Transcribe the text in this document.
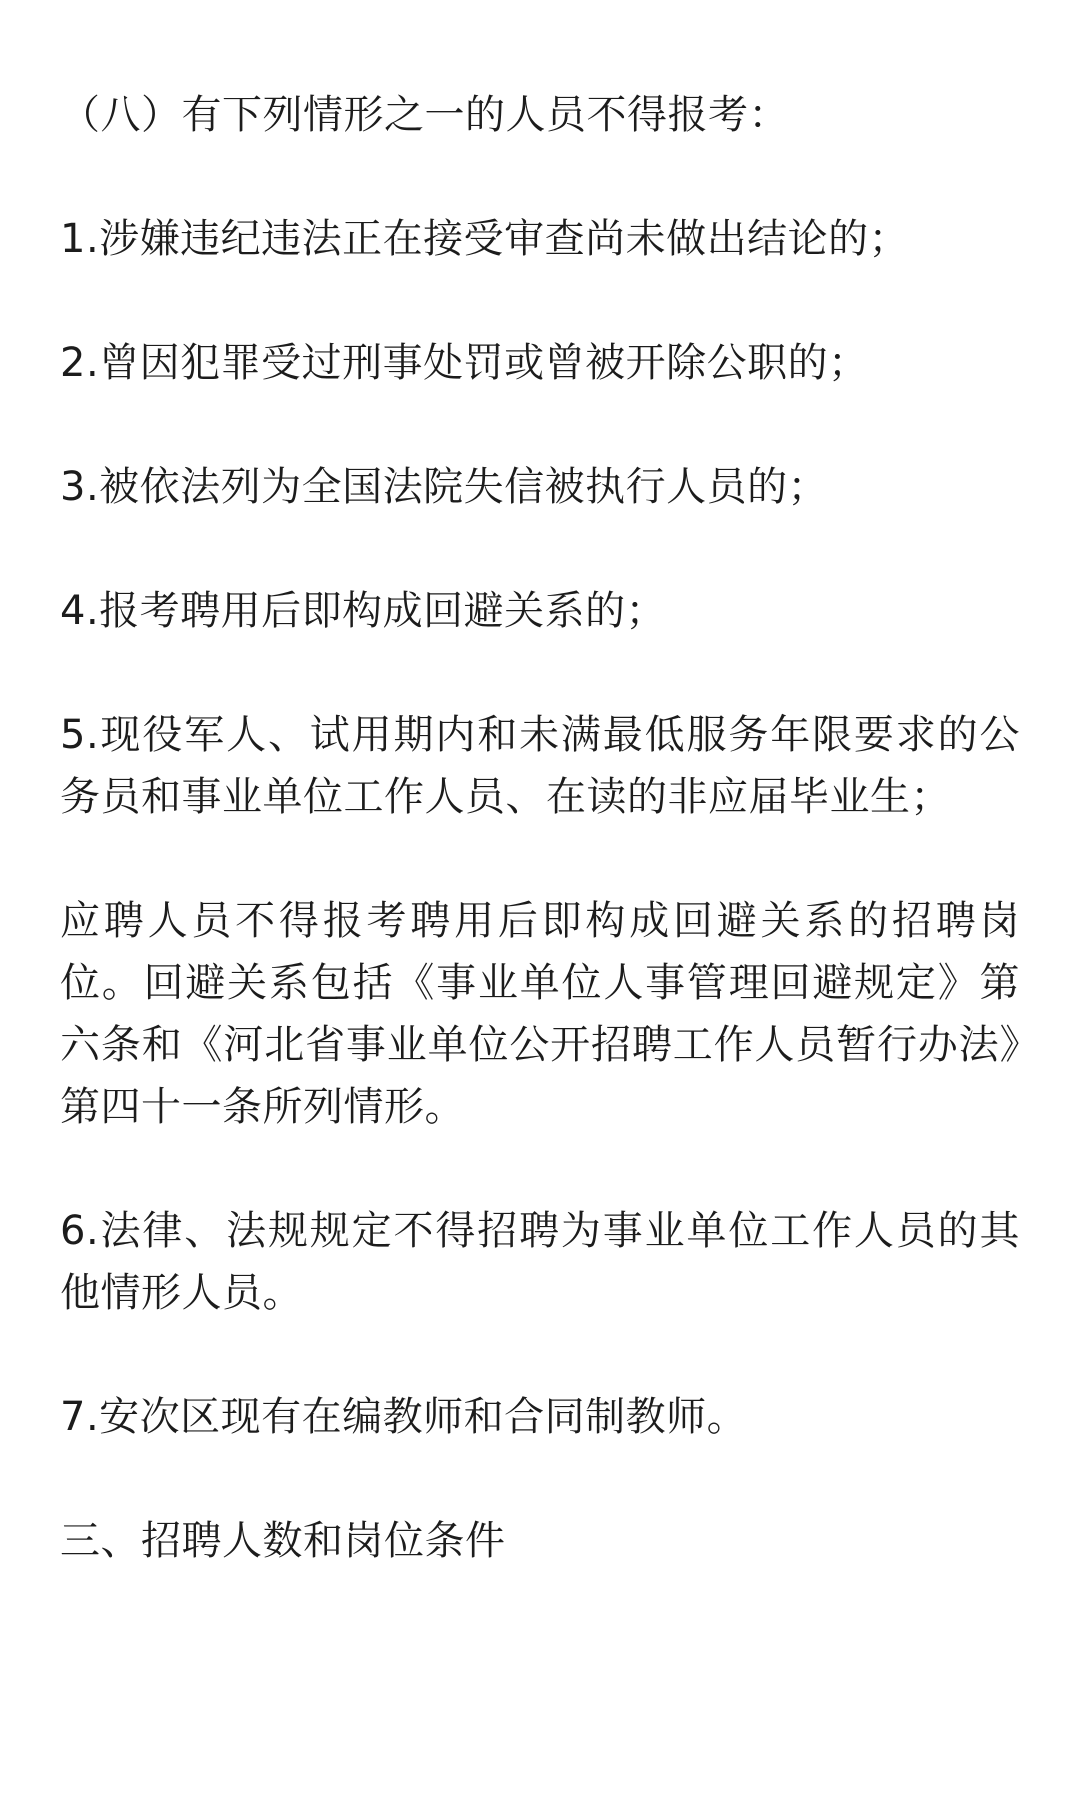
（八）有下列情形之一的人员不得报考：

1.涉嫌违纪违法正在接受审查尚未做出结论的；

2.曾因犯罪受过刑事处罚或曾被开除公职的；

3.被依法列为全国法院失信被执行人员的；

4.报考聘用后即构成回避关系的；

5.现役军人、试用期内和未满最低服务年限要求的公务员和事业单位工作人员、在读的非应届毕业生；

应聘人员不得报考聘用后即构成回避关系的招聘岗位。回避关系包括《事业单位人事管理回避规定》第六条和《河北省事业单位公开招聘工作人员暂行办法》第四十一条所列情形。

6.法律、法规规定不得招聘为事业单位工作人员的其他情形人员。

7.安次区现有在编教师和合同制教师。

三、招聘人数和岗位条件
